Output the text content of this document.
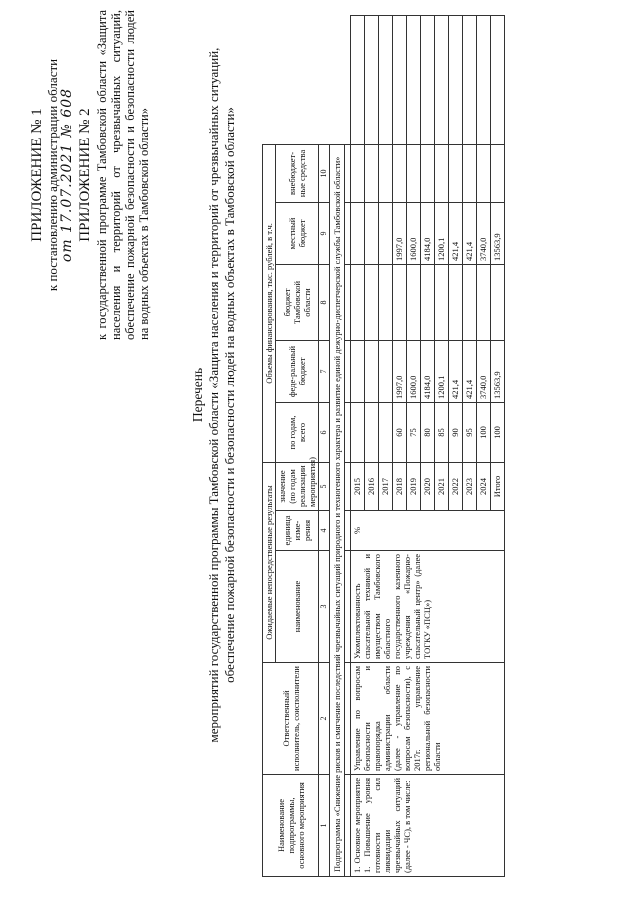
ПРИЛОЖЕНИЕ № 1 к постановлению администрации области от 17.07.2021 № 608 ПРИЛОЖЕНИЕ № 2 к государственной программе Тамбовской области «Защита населения и территорий от чрезвычайных ситуаций, обеспечение пожарной безопасности и безопасности людей на водных объектах в Тамбовской области»
Перечень мероприятий государственной программы Тамбовской области «Защита населения и территорий от чрезвычайных ситуаций, обеспечение пожарной безопасности и безопасности людей на водных объектах в Тамбовской области»
Наименование подпрограммы, основного мероприятия	Ответственный исполнитель, соисполнители	Ожидаемые непосредственные результаты			Объемы финансирования, тыс. рублей, в т.ч.					
		наименование	единица изме-рения	значение (по годам реализации мероприятия)	по годам, всего	феде-ральный бюджет	бюджет Тамбовской области	местный бюджет	внебюджет-ные средства	
1	2	3	4	5	6	7	8	9	10	
Подпрограмма «Снижение рисков и смягчение последствий чрезвычайных ситуаций природного и техногенного характера и развитие единой дежурно-диспетчерской службы Тамбовской области»										

1. Основное мероприятие 1. Повышение уровня готовности сил ликвидации чрезвычайных ситуаций (далее - ЧС), в том числе:	Управление по вопросам безопасности и правопорядка администрации области (далее - управление по вопросам безопасности), с 2017г. управление региональной безопасности области	Укомплектованность спасательной техникой и имуществом Тамбовского областного государственного казенного учреждения «Пожарно-спасательный центр» (далее ТОГКУ «ПСЦ»)	%	2015						
				2016						
				2017						
				2018	60	1997,0		1997,0		
				2019	75	1600,0		1600,0		
				2020	80	4184,0		4184,0		
				2021	85	1200,1		1200,1		
				2022	90	421,4		421,4		
				2023	95	421,4		421,4		
				2024	100	3740,0		3740,0		
				Итого	100	13563,9		13563,9		
